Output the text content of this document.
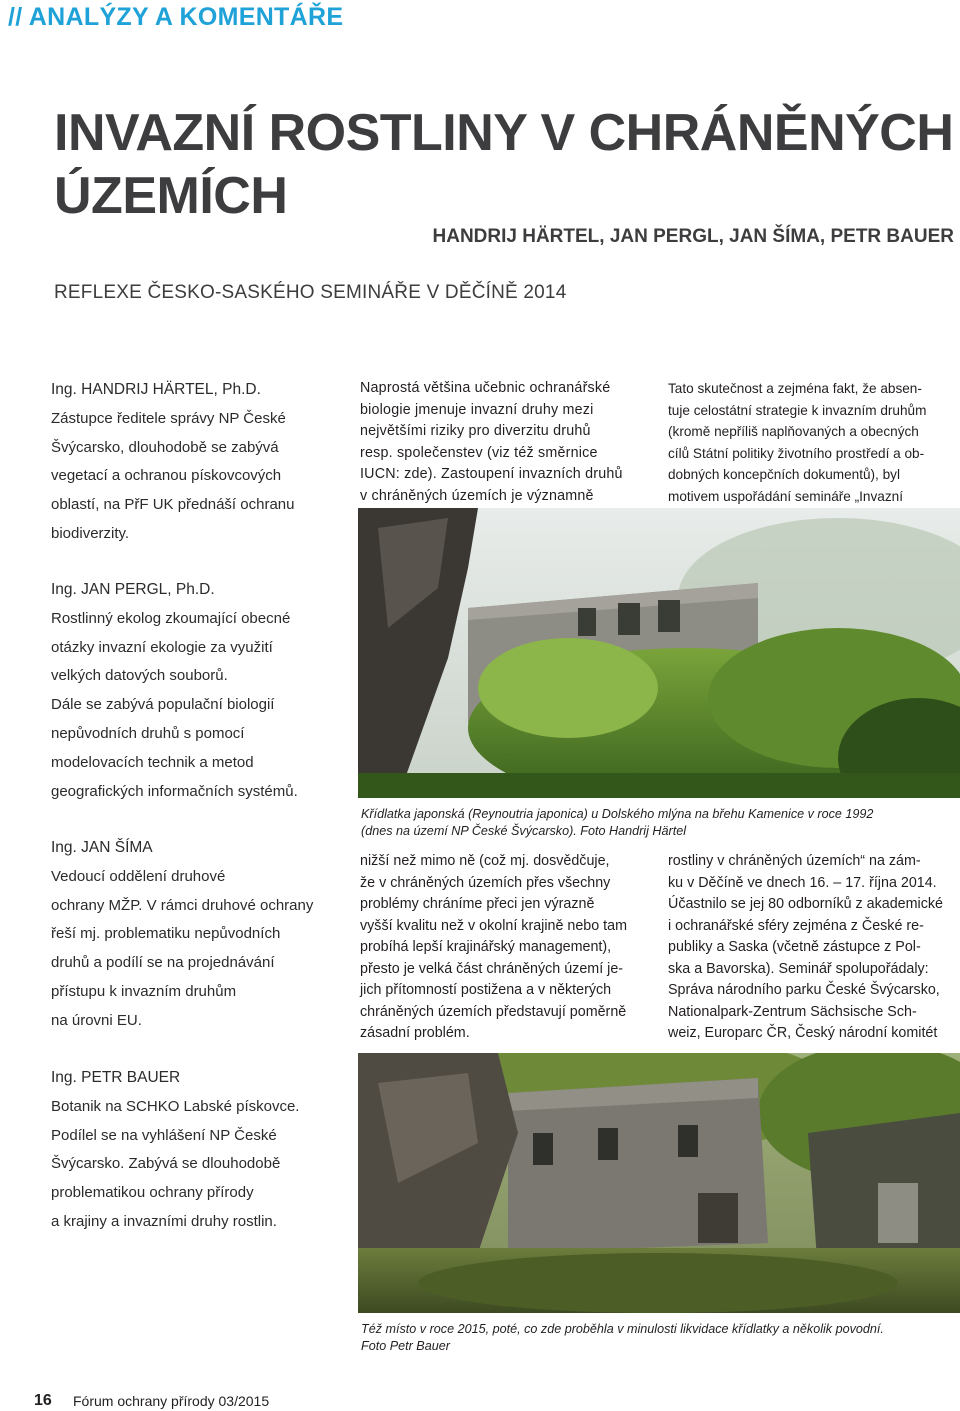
// ANALÝZY A KOMENTÁŘE
INVAZNÍ ROSTLINY V CHRÁNĚNÝCH
ÚZEMÍCH
HANDRIJ HÄRTEL, JAN PERGL, JAN ŠÍMA, PETR BAUER
REFLEXE ČESKO-SASKÉHO SEMINÁŘE V DĚČÍNĚ 2014

Ing. HANDRIJ HÄRTEL, Ph.D.

Zástupce ředitele správy NP České

Švýcarsko, dlouhodobě se zabývá

vegetací a ochranou pískovcových

oblastí, na PřF UK přednáší ochranu

biodiverzity.

Ing. JAN PERGL, Ph.D.

Rostlinný ekolog zkoumající obecné

otázky invazní ekologie za využití

velkých datových souborů.

Dále se zabývá populační biologií

nepůvodních druhů s pomocí

modelovacích technik a metod

geografických informačních systémů.

Ing. JAN ŠÍMA

Vedoucí oddělení druhové

ochrany MŽP. V rámci druhové ochrany

řeší mj. problematiku nepůvodních

druhů a podílí se na projednávání

přístupu k invazním druhům

na úrovni EU.

Ing. PETR BAUER

Botanik na SCHKO Labské pískovce.

Podílel se na vyhlášení NP České

Švýcarsko. Zabývá se dlouhodobě

problematikou ochrany přírody

a krajiny a invazními druhy rostlin.

Naprostá většina učebnic ochranářské

biologie jmenuje invazní druhy mezi

největšími riziky pro diverzitu druhů

resp. společenstev (viz též směrnice

IUCN: zde). Zastoupení invazních druhů

v chráněných územích je významně

Tato skutečnost a zejména fakt, že absen-

tuje celostátní strategie k invazním druhům

(kromě nepříliš naplňovaných a obecných

cílů Státní politiky životního prostředí a ob-

dobných koncepčních dokumentů), byl

motivem uspořádání semináře „Invazní

Křídlatka japonská (Reynoutria japonica) u Dolského mlýna na břehu Kamenice v roce 1992
(dnes na území NP České Švýcarsko). Foto Handrij Härtel

nižší než mimo ně (což mj. dosvědčuje,

že v chráněných územích přes všechny

problémy chráníme přeci jen výrazně

vyšší kvalitu než v okolní krajině nebo tam

probíhá lepší krajinářský management),

přesto je velká část chráněných území je-

jich přítomností postižena a v některých

chráněných územích představují poměrně

zásadní problém.

rostliny v chráněných územích“ na zám-

ku v Děčíně ve dnech 16. – 17. října 2014.

Účastnilo se jej 80 odborníků z akademické

i ochranářské sféry zejména z České re-

publiky a Saska (včetně zástupce z Pol-

ska a Bavorska). Seminář spolupořádaly:

Správa národního parku České Švýcarsko,

Nationalpark-Zentrum Sächsische Sch-

weiz, Europarc ČR, Český národní komitét

Též místo v roce 2015, poté, co zde proběhla v minulosti likvidace křídlatky a několik povodní.
Foto Petr Bauer
16 Fórum ochrany přírody 03/2015
